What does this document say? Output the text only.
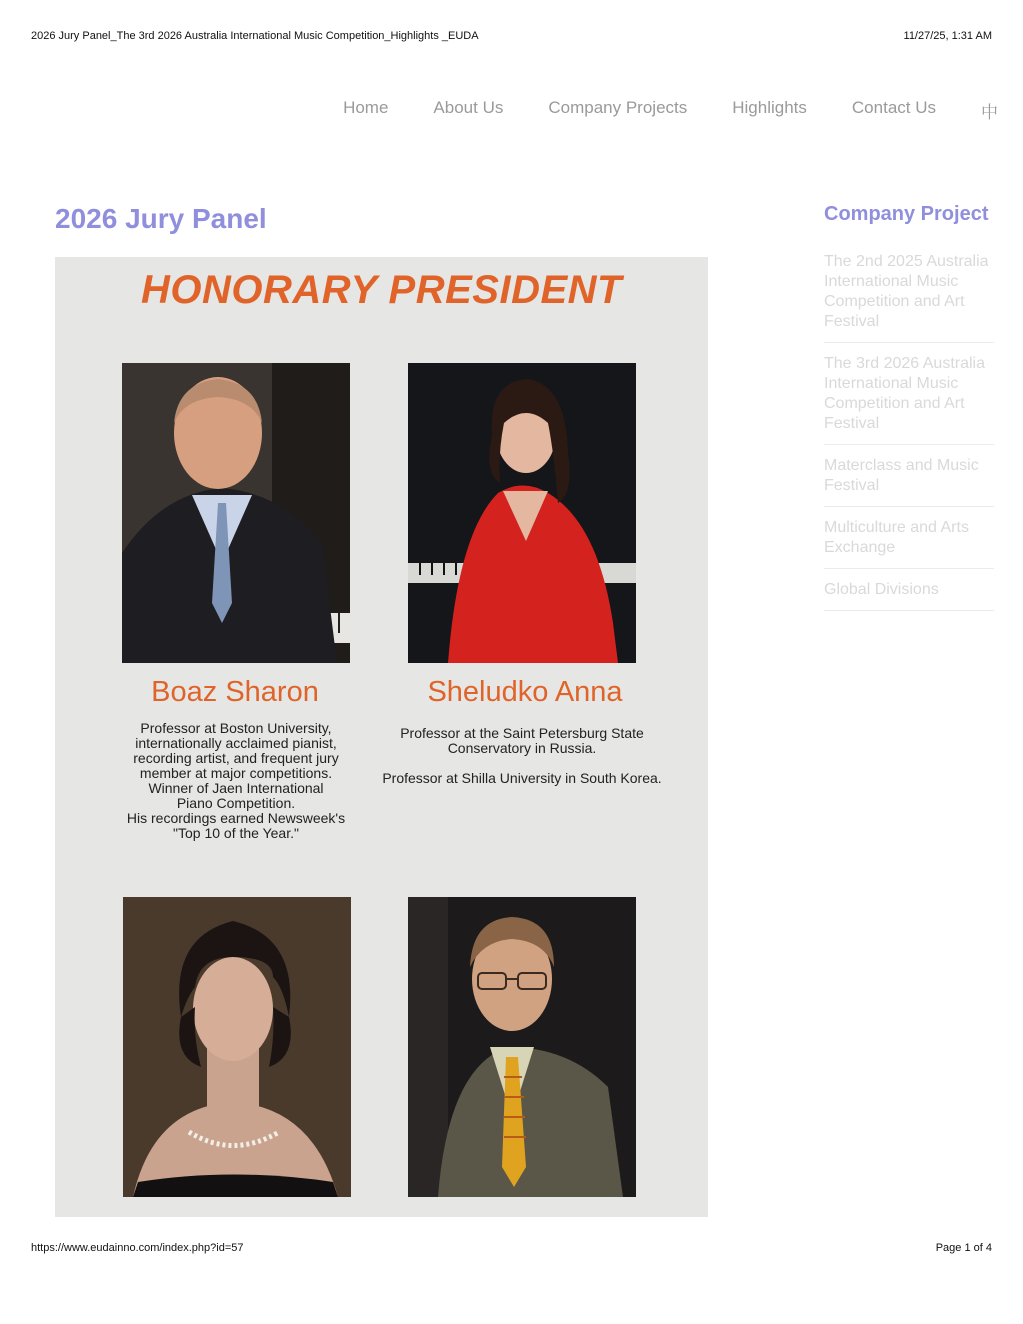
2026 Jury Panel_The 3rd 2026 Australia International Music Competition_Highlights _EUDA	11/27/25, 1:31 AM
Home	About Us	Company Projects	Highlights	Contact Us	中
2026 Jury Panel
HONORARY PRESIDENT
Boaz Sharon	Sheludko Anna
Professor at Boston University,
internationally acclaimed pianist,
recording artist, and frequent jury
member at major competitions.
Winner of Jaen International
Piano Competition.
His recordings earned Newsweek's
"Top 10 of the Year."
Professor at the Saint Petersburg State
Conservatory in Russia.

Professor at Shilla University in South Korea.
Company Project
The 2nd 2025 Australia
International Music
Competition and Art
Festival
The 3rd 2026 Australia
International Music
Competition and Art
Festival
Materclass and Music
Festival
Multiculture and Arts
Exchange
Global Divisions
https://www.eudainno.com/index.php?id=57	Page 1 of 4
